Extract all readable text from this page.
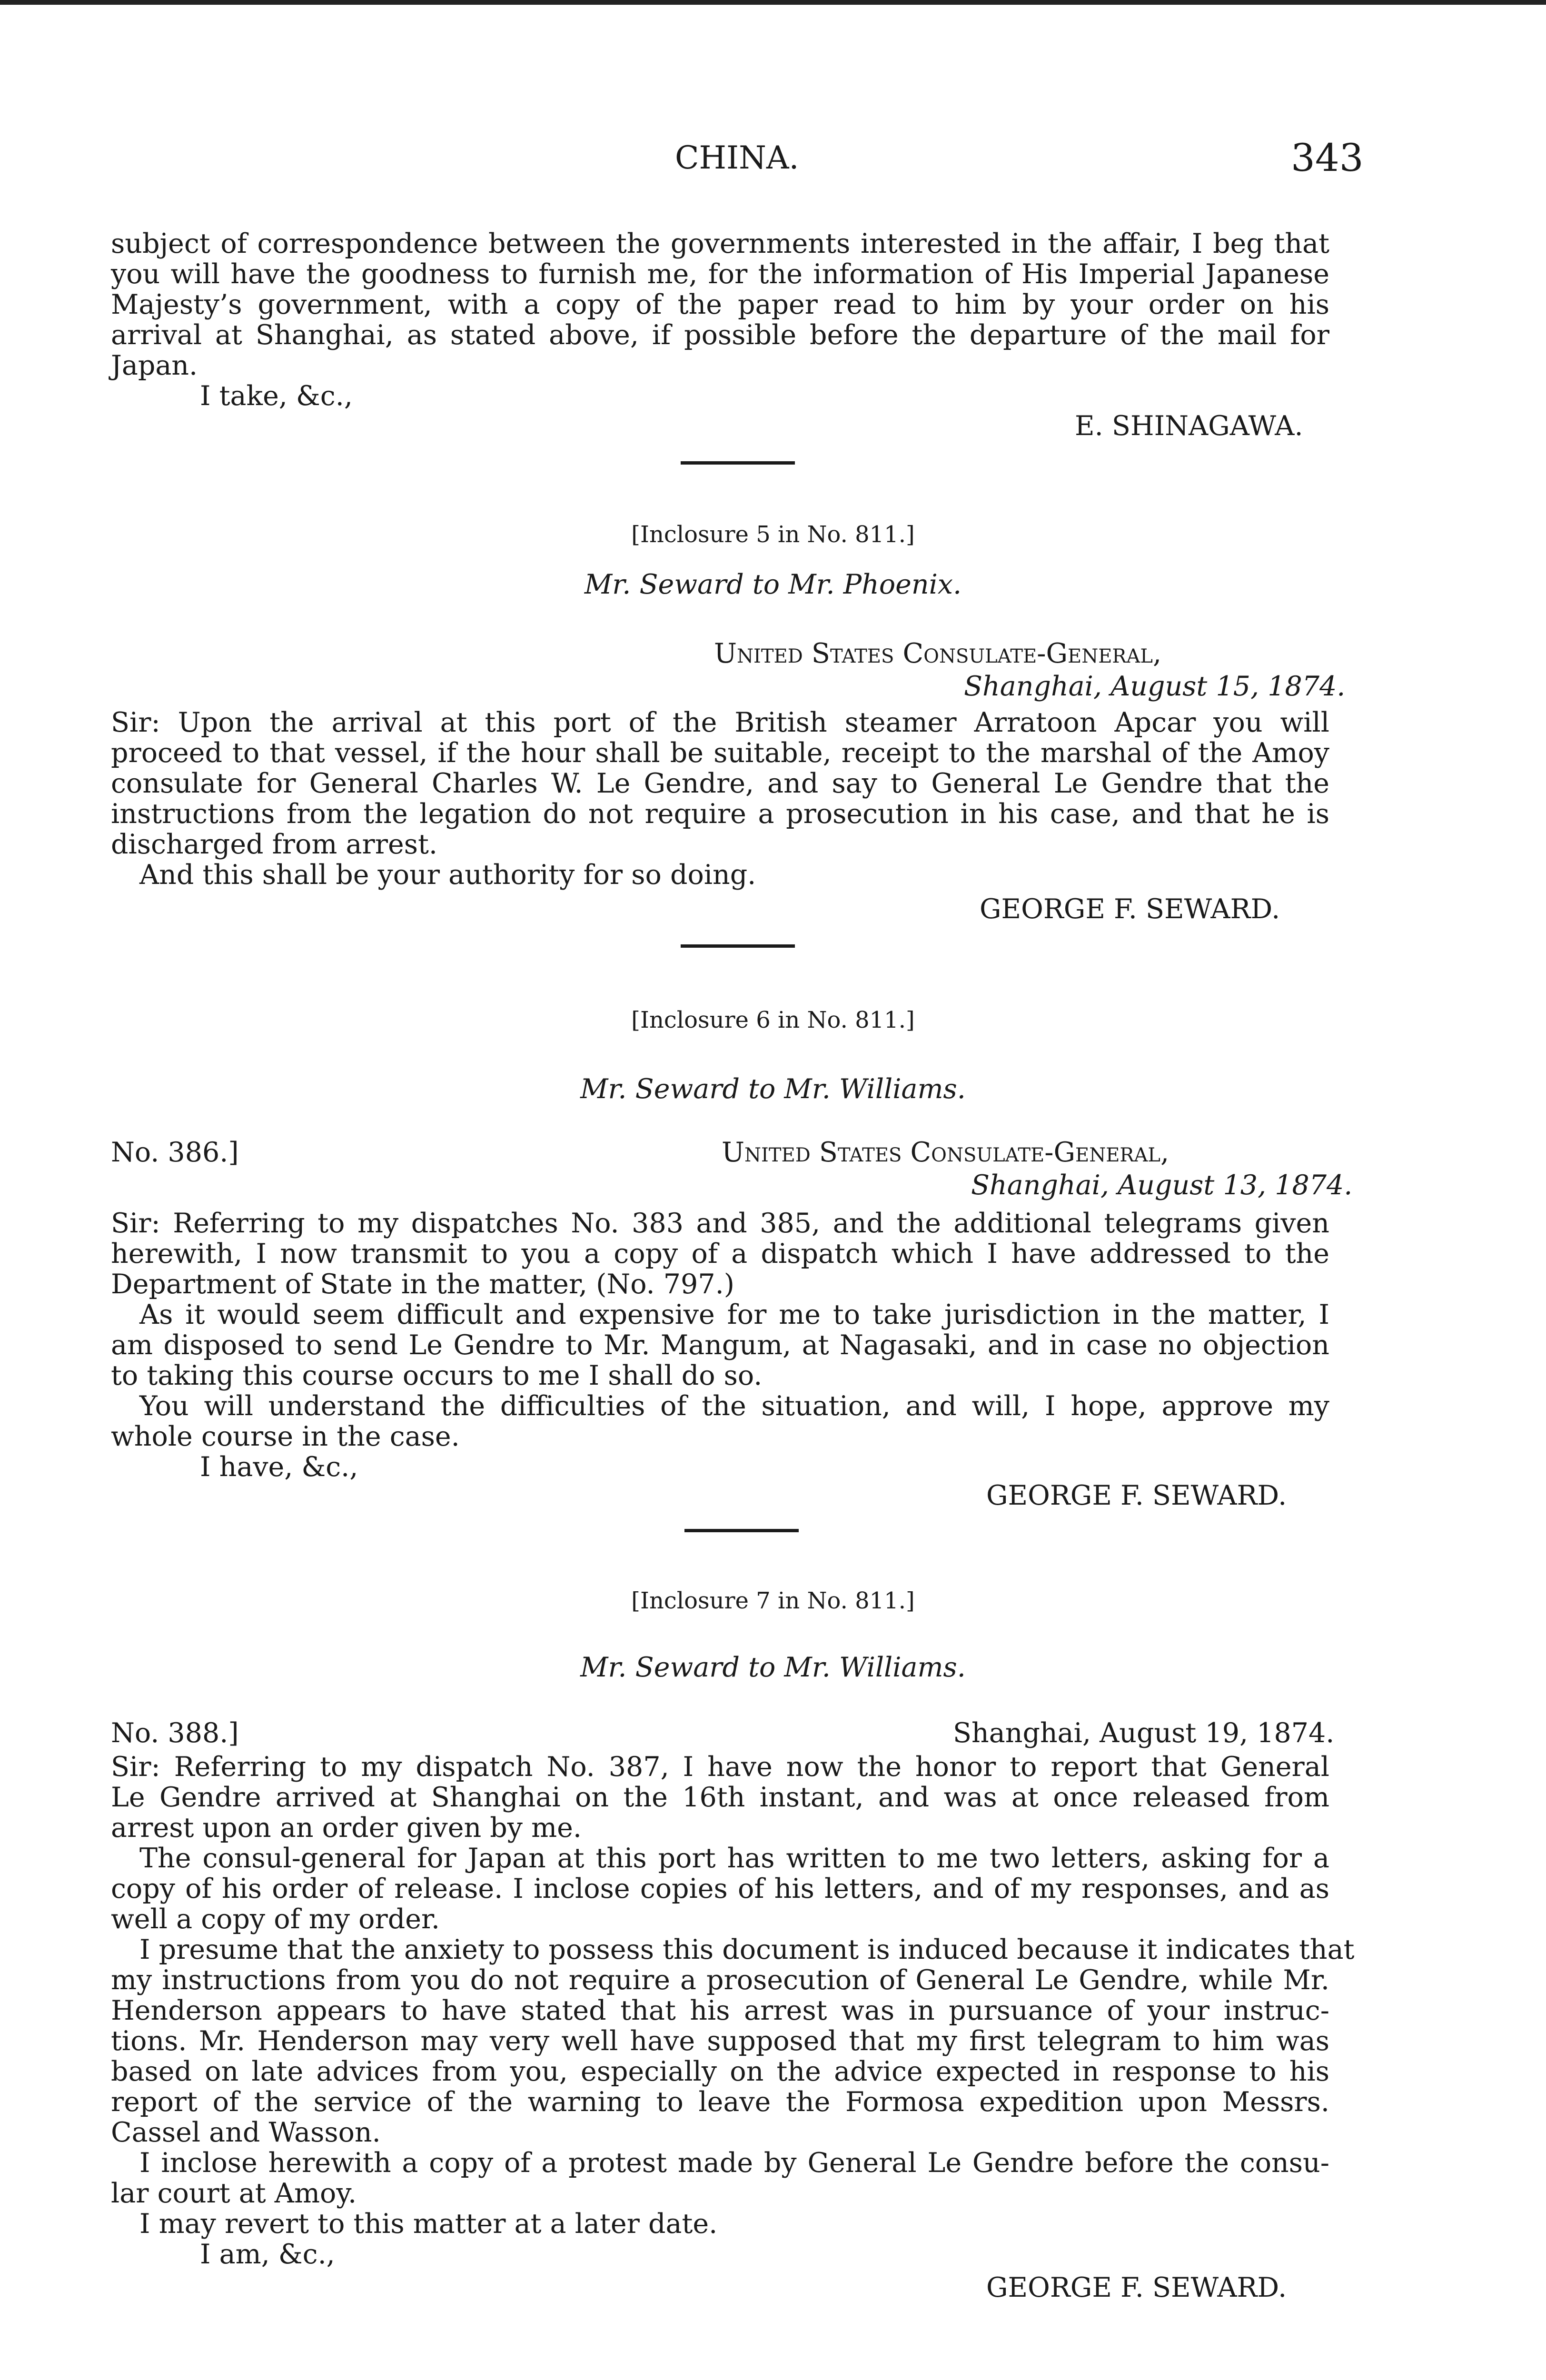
CHINA.	343
subject of correspondence between the governments interested in the affair, I beg that
you will have the goodness to furnish me, for the information of His Imperial Japanese
Majesty’s government, with a copy of the paper read to him by your order on his
arrival at Shanghai, as stated above, if possible before the departure of the mail for
Japan.
I take, &c.,
E. SHINAGAWA.
[Inclosure 5 in No. 811.]
Mr. Seward to Mr. Phoenix.
United States Consulate-General,
Shanghai, August 15, 1874.
Sir: Upon the arrival at this port of the British steamer Arratoon Apcar you will
proceed to that vessel, if the hour shall be suitable, receipt to the marshal of the Amoy
consulate for General Charles W. Le Gendre, and say to General Le Gendre that the
instructions from the legation do not require a prosecution in his case, and that he is
discharged from arrest.
And this shall be your authority for so doing.
GEORGE F. SEWARD.
[Inclosure 6 in No. 811.]
Mr. Seward to Mr. Williams.
No. 386.]	United States Consulate-General,
Shanghai, August 13, 1874.
Sir: Referring to my dispatches No. 383 and 385, and the additional telegrams given
herewith, I now transmit to you a copy of a dispatch which I have addressed to the
Department of State in the matter, (No. 797.)
As it would seem difficult and expensive for me to take jurisdiction in the matter, I
am disposed to send Le Gendre to Mr. Mangum, at Nagasaki, and in case no objection
to taking this course occurs to me I shall do so.
You will understand the difficulties of the situation, and will, I hope, approve my
whole course in the case.
I have, &c.,
GEORGE F. SEWARD.
[Inclosure 7 in No. 811.]
Mr. Seward to Mr. Williams.
No. 388.]	Shanghai, August 19, 1874.
Sir: Referring to my dispatch No. 387, I have now the honor to report that General
Le Gendre arrived at Shanghai on the 16th instant, and was at once released from
arrest upon an order given by me.
The consul-general for Japan at this port has written to me two letters, asking for a
copy of his order of release. I inclose copies of his letters, and of my responses, and as
well a copy of my order.
I presume that the anxiety to possess this document is induced because it indicates that
my instructions from you do not require a prosecution of General Le Gendre, while Mr.
Henderson appears to have stated that his arrest was in pursuance of your instruc-
tions. Mr. Henderson may very well have supposed that my first telegram to him was
based on late advices from you, especially on the advice expected in response to his
report of the service of the warning to leave the Formosa expedition upon Messrs.
Cassel and Wasson.
I inclose herewith a copy of a protest made by General Le Gendre before the consu-
lar court at Amoy.
I may revert to this matter at a later date.
I am, &c.,
GEORGE F. SEWARD.
